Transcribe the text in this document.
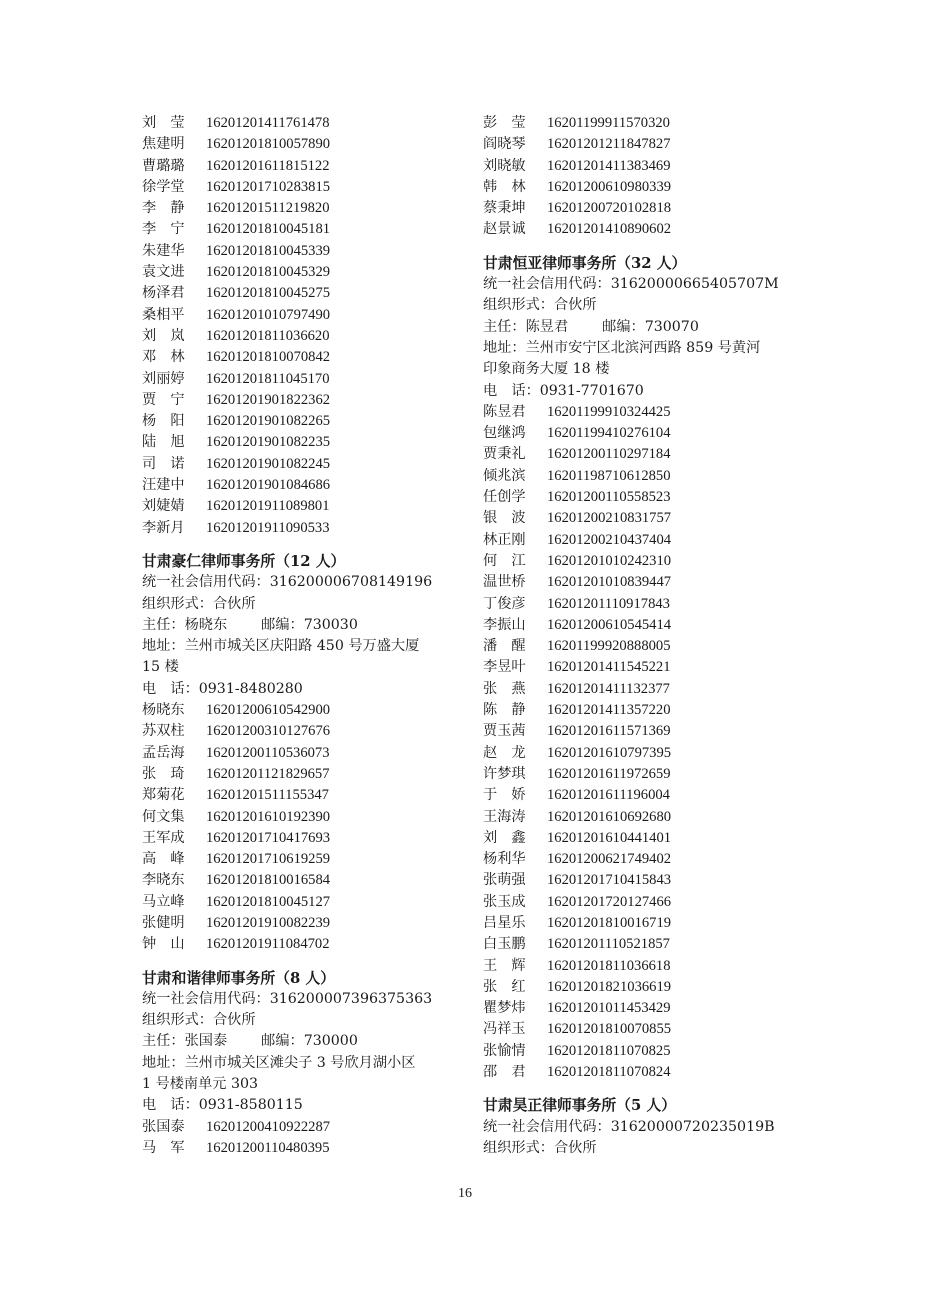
刘　莹	16201201411761478
焦建明	16201201810057890
曹璐璐	16201201611815122
徐学堂	16201201710283815
李　静	16201201511219820
李　宁	16201201810045181
朱建华	16201201810045339
袁文进	16201201810045329
杨泽君	16201201810045275
桑相平	16201201010797490
刘　岚	16201201811036620
邓　林	16201201810070842
刘丽婷	16201201811045170
贾　宁	16201201901822362
杨　阳	16201201901082265
陆　旭	16201201901082235
司　诺	16201201901082245
汪建中	16201201901084686
刘婕婧	16201201911089801
李新月	16201201911090533
甘肃豪仁律师事务所（12 人）
统一社会信用代码：316200006708149196
组织形式：合伙所
主任：杨晓东 邮编：730030
地址：兰州市城关区庆阳路 450 号万盛大厦
15 楼
电　话：0931-8480280
杨晓东	16201200610542900
苏双柱	16201200310127676
孟岳海	16201200110536073
张　琦	16201201121829657
郑菊花	16201201511155347
何文集	16201201610192390
王军成	16201201710417693
高　峰	16201201710619259
李晓东	16201201810016584
马立峰	16201201810045127
张健明	16201201910082239
钟　山	16201201911084702
甘肃和谐律师事务所（8 人）
统一社会信用代码：316200007396375363
组织形式：合伙所
主任：张国泰 邮编：730000
地址：兰州市城关区滩尖子 3 号欣月湖小区
1 号楼南单元 303
电　话：0931-8580115
张国泰	16201200410922287
马　军	16201200110480395
彭　莹	16201199911570320
阎晓琴	16201201211847827
刘晓敏	16201201411383469
韩　林	16201200610980339
蔡秉坤	16201200720102818
赵景诚	16201201410890602
甘肃恒亚律师事务所（32 人）
统一社会信用代码：31620000665405707M
组织形式：合伙所
主任：陈昱君 邮编：730070
地址：兰州市安宁区北滨河西路 859 号黄河
印象商务大厦 18 楼
电　话：0931-7701670
陈昱君	16201199910324425
包继鸿	16201199410276104
贾秉礼	16201200110297184
倾兆滨	16201198710612850
任创学	16201200110558523
银　波	16201200210831757
林正刚	16201200210437404
何　江	16201201010242310
温世桥	16201201010839447
丁俊彦	16201201110917843
李振山	16201200610545414
潘　醒	16201199920888005
李昱叶	16201201411545221
张　燕	16201201411132377
陈　静	16201201411357220
贾玉茜	16201201611571369
赵　龙	16201201610797395
许梦琪	16201201611972659
于　娇	16201201611196004
王海涛	16201201610692680
刘　鑫	16201201610441401
杨利华	16201200621749402
张萌强	16201201710415843
张玉成	16201201720127466
吕星乐	16201201810016719
白玉鹏	16201201110521857
王　辉	16201201811036618
张　红	16201201821036619
瞿梦炜	16201201011453429
冯祥玉	16201201810070855
张愉情	16201201811070825
邵　君	16201201811070824
甘肃昊正律师事务所（5 人）
统一社会信用代码：31620000720235019B
组织形式：合伙所
16
